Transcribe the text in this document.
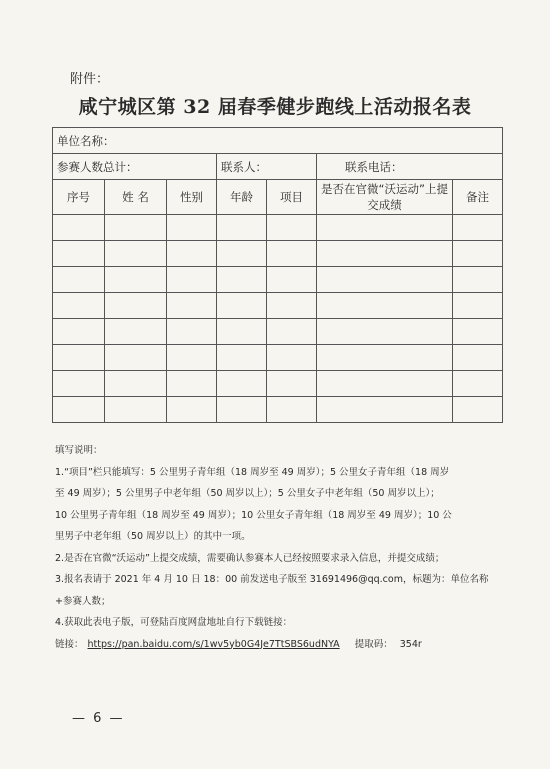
附件：
咸宁城区第 32 届春季健步跑线上活动报名表
单位名称：						
参赛人数总计：			联系人：		联系电话：	
序号	姓 名	性别	年龄	项目	是否在官微“沃运动”上提交成绩	备注

填写说明：

1.“项目”栏只能填写：5 公里男子青年组（18 周岁至 49 周岁）；5 公里女子青年组（18 周岁

至 49 周岁）；5 公里男子中老年组（50 周岁以上）；5 公里女子中老年组（50 周岁以上）；

10 公里男子青年组（18 周岁至 49 周岁）；10 公里女子青年组（18 周岁至 49 周岁）；10 公

里男子中老年组（50 周岁以上）的其中一项。

2.是否在官微“沃运动”上提交成绩，需要确认参赛本人已经按照要求录入信息，并提交成绩；

3.报名表请于 2021 年 4 月 10 日 18：00 前发送电子版至 31691496@qq.com，标题为：单位名称

+参赛人数；

4.获取此表电子版，可登陆百度网盘地址自行下载链接：

链接： https://pan.baidu.com/s/1wv5yb0G4Je7TtSBS6udNYA 提取码： 354r

— 6 —
